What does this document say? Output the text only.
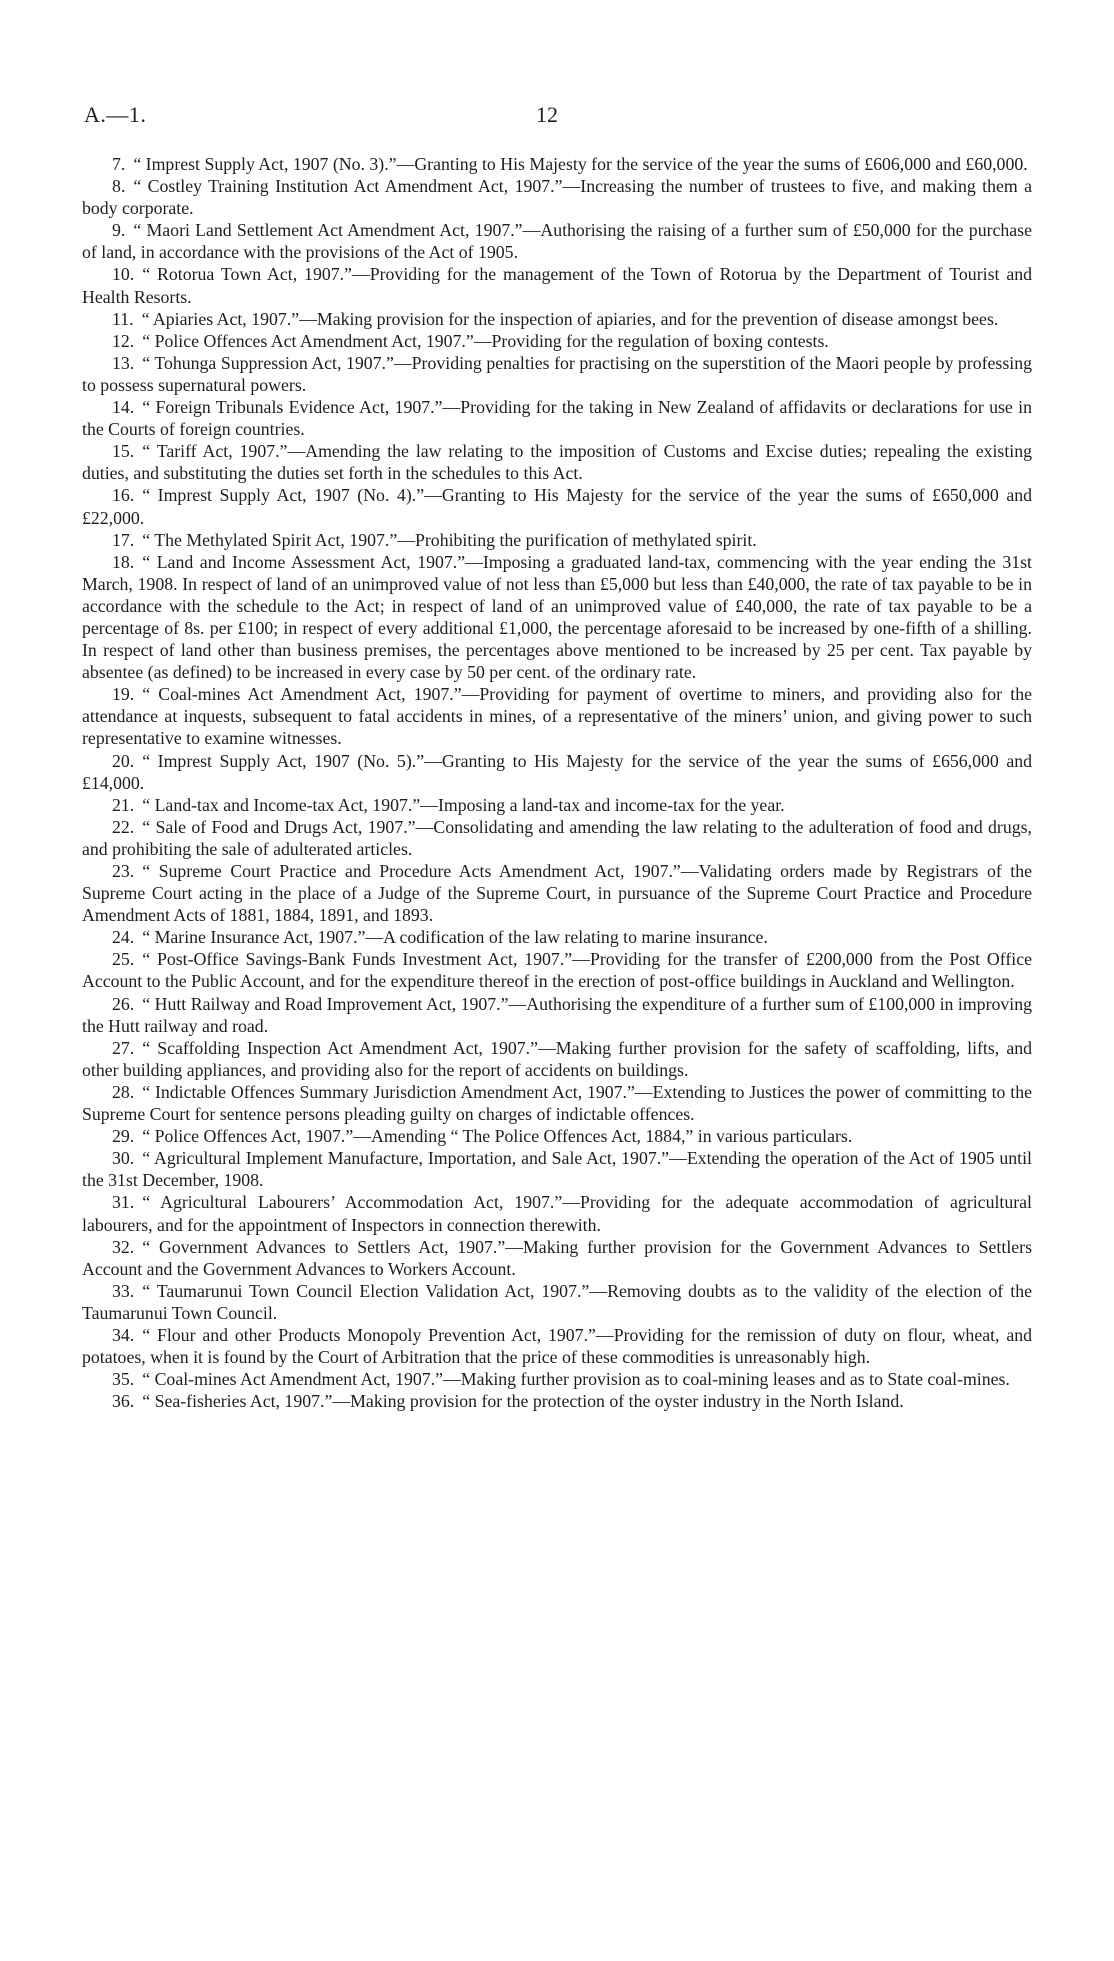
A.—1.	12

7. “ Imprest Supply Act, 1907 (No. 3).”—Granting to His Majesty for the service of the year the sums of £606,000 and £60,000.

8. “ Costley Training Institution Act Amendment Act, 1907.”—Increasing the number of trustees to five, and making them a body corporate.

9. “ Maori Land Settlement Act Amendment Act, 1907.”—Authorising the raising of a further sum of £50,000 for the purchase of land, in accordance with the provisions of the Act of 1905.

10. “ Rotorua Town Act, 1907.”—Providing for the management of the Town of Rotorua by the Department of Tourist and Health Resorts.

11. “ Apiaries Act, 1907.”—Making provision for the inspection of apiaries, and for the prevention of disease amongst bees.

12. “ Police Offences Act Amendment Act, 1907.”—Providing for the regulation of boxing contests.

13. “ Tohunga Suppression Act, 1907.”—Providing penalties for practising on the superstition of the Maori people by professing to possess supernatural powers.

14. “ Foreign Tribunals Evidence Act, 1907.”—Providing for the taking in New Zealand of affidavits or declarations for use in the Courts of foreign countries.

15. “ Tariff Act, 1907.”—Amending the law relating to the imposition of Customs and Excise duties; repealing the existing duties, and substituting the duties set forth in the schedules to this Act.

16. “ Imprest Supply Act, 1907 (No. 4).”—Granting to His Majesty for the service of the year the sums of £650,000 and £22,000.

17. “ The Methylated Spirit Act, 1907.”—Prohibiting the purification of methylated spirit.

18. “ Land and Income Assessment Act, 1907.”—Imposing a graduated land-tax, commencing with the year ending the 31st March, 1908. In respect of land of an unimproved value of not less than £5,000 but less than £40,000, the rate of tax payable to be in accordance with the schedule to the Act; in respect of land of an unimproved value of £40,000, the rate of tax payable to be a percentage of 8s. per £100; in respect of every additional £1,000, the percentage aforesaid to be increased by one-fifth of a shilling. In respect of land other than business premises, the percentages above mentioned to be increased by 25 per cent. Tax payable by absentee (as defined) to be increased in every case by 50 per cent. of the ordinary rate.

19. “ Coal-mines Act Amendment Act, 1907.”—Providing for payment of overtime to miners, and providing also for the attendance at inquests, subsequent to fatal accidents in mines, of a representative of the miners’ union, and giving power to such representative to examine witnesses.

20. “ Imprest Supply Act, 1907 (No. 5).”—Granting to His Majesty for the service of the year the sums of £656,000 and £14,000.

21. “ Land-tax and Income-tax Act, 1907.”—Imposing a land-tax and income-tax for the year.

22. “ Sale of Food and Drugs Act, 1907.”—Consolidating and amending the law relating to the adulteration of food and drugs, and prohibiting the sale of adulterated articles.

23. “ Supreme Court Practice and Procedure Acts Amendment Act, 1907.”—Validating orders made by Registrars of the Supreme Court acting in the place of a Judge of the Supreme Court, in pursuance of the Supreme Court Practice and Procedure Amendment Acts of 1881, 1884, 1891, and 1893.

24. “ Marine Insurance Act, 1907.”—A codification of the law relating to marine insurance.

25. “ Post-Office Savings-Bank Funds Investment Act, 1907.”—Providing for the transfer of £200,000 from the Post Office Account to the Public Account, and for the expenditure thereof in the erection of post-office buildings in Auckland and Wellington.

26. “ Hutt Railway and Road Improvement Act, 1907.”—Authorising the expenditure of a further sum of £100,000 in improving the Hutt railway and road.

27. “ Scaffolding Inspection Act Amendment Act, 1907.”—Making further provision for the safety of scaffolding, lifts, and other building appliances, and providing also for the report of accidents on buildings.

28. “ Indictable Offences Summary Jurisdiction Amendment Act, 1907.”—Extending to Justices the power of committing to the Supreme Court for sentence persons pleading guilty on charges of indictable offences.

29. “ Police Offences Act, 1907.”—Amending “ The Police Offences Act, 1884,” in various particulars.

30. “ Agricultural Implement Manufacture, Importation, and Sale Act, 1907.”—Extending the operation of the Act of 1905 until the 31st December, 1908.

31. “ Agricultural Labourers’ Accommodation Act, 1907.”—Providing for the adequate accommodation of agricultural labourers, and for the appointment of Inspectors in connection therewith.

32. “ Government Advances to Settlers Act, 1907.”—Making further provision for the Government Advances to Settlers Account and the Government Advances to Workers Account.

33. “ Taumarunui Town Council Election Validation Act, 1907.”—Removing doubts as to the validity of the election of the Taumarunui Town Council.

34. “ Flour and other Products Monopoly Prevention Act, 1907.”—Providing for the remission of duty on flour, wheat, and potatoes, when it is found by the Court of Arbitration that the price of these commodities is unreasonably high.

35. “ Coal-mines Act Amendment Act, 1907.”—Making further provision as to coal-mining leases and as to State coal-mines.

36. “ Sea-fisheries Act, 1907.”—Making provision for the protection of the oyster industry in the North Island.
